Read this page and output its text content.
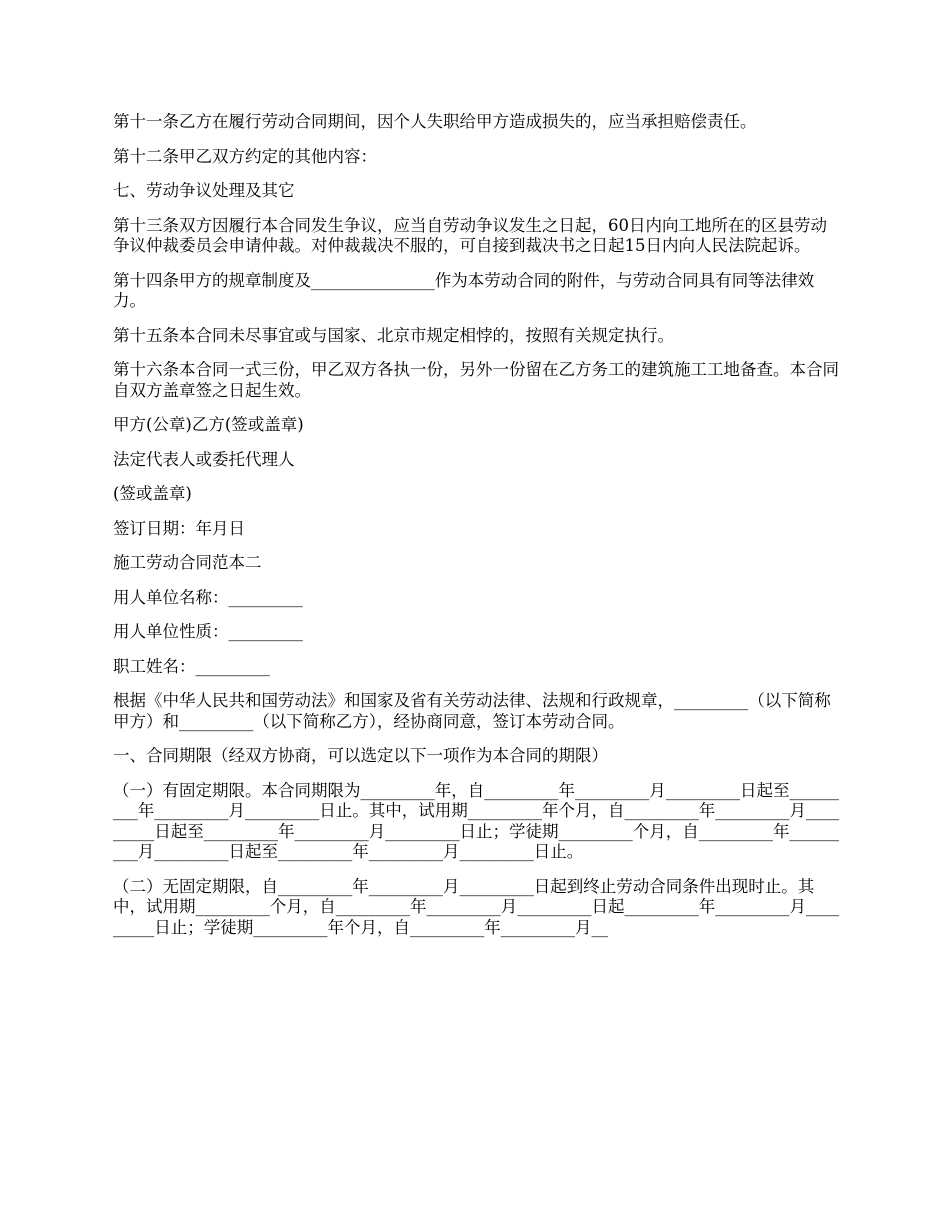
第十一条乙方在履行劳动合同期间，因个人失职给甲方造成损失的，应当承担赔偿责任。

第十二条甲乙双方约定的其他内容：

七、劳动争议处理及其它

第十三条双方因履行本合同发生争议，应当自劳动争议发生之日起，60日内向工地所在的区县劳动争议仲裁委员会申请仲裁。对仲裁裁决不服的，可自接到裁决书之日起15日内向人民法院起诉。

第十四条甲方的规章制度及_______________作为本劳动合同的附件，与劳动合同具有同等法律效力。

第十五条本合同未尽事宜或与国家、北京市规定相悖的，按照有关规定执行。

第十六条本合同一式三份，甲乙双方各执一份，另外一份留在乙方务工的建筑施工工地备查。本合同自双方盖章签之日起生效。

甲方(公章)乙方(签或盖章)

法定代表人或委托代理人

(签或盖章)

签订日期：年月日

施工劳动合同范本二

用人单位名称：_________

用人单位性质：_________

职工姓名：_________

根据《中华人民共和国劳动法》和国家及省有关劳动法律、法规和行政规章，_________（以下简称甲方）和_________（以下简称乙方），经协商同意，签订本劳动合同。

一、合同期限（经双方协商，可以选定以下一项作为本合同的期限）

（一）有固定期限。本合同期限为_________年，自_________年_________月_________日起至_________年_________月_________日止。其中，试用期_________年个月，自_________年_________月_________日起至_________年_________月_________日止；学徒期_________个月，自_________年_________月_________日起至_________年_________月_________日止。

（二）无固定期限，自_________年_________月_________日起到终止劳动合同条件出现时止。其中，试用期_________个月，自_________年_________月_________日起_________年_________月_________日止；学徒期_________年个月，自_________年_________月__
